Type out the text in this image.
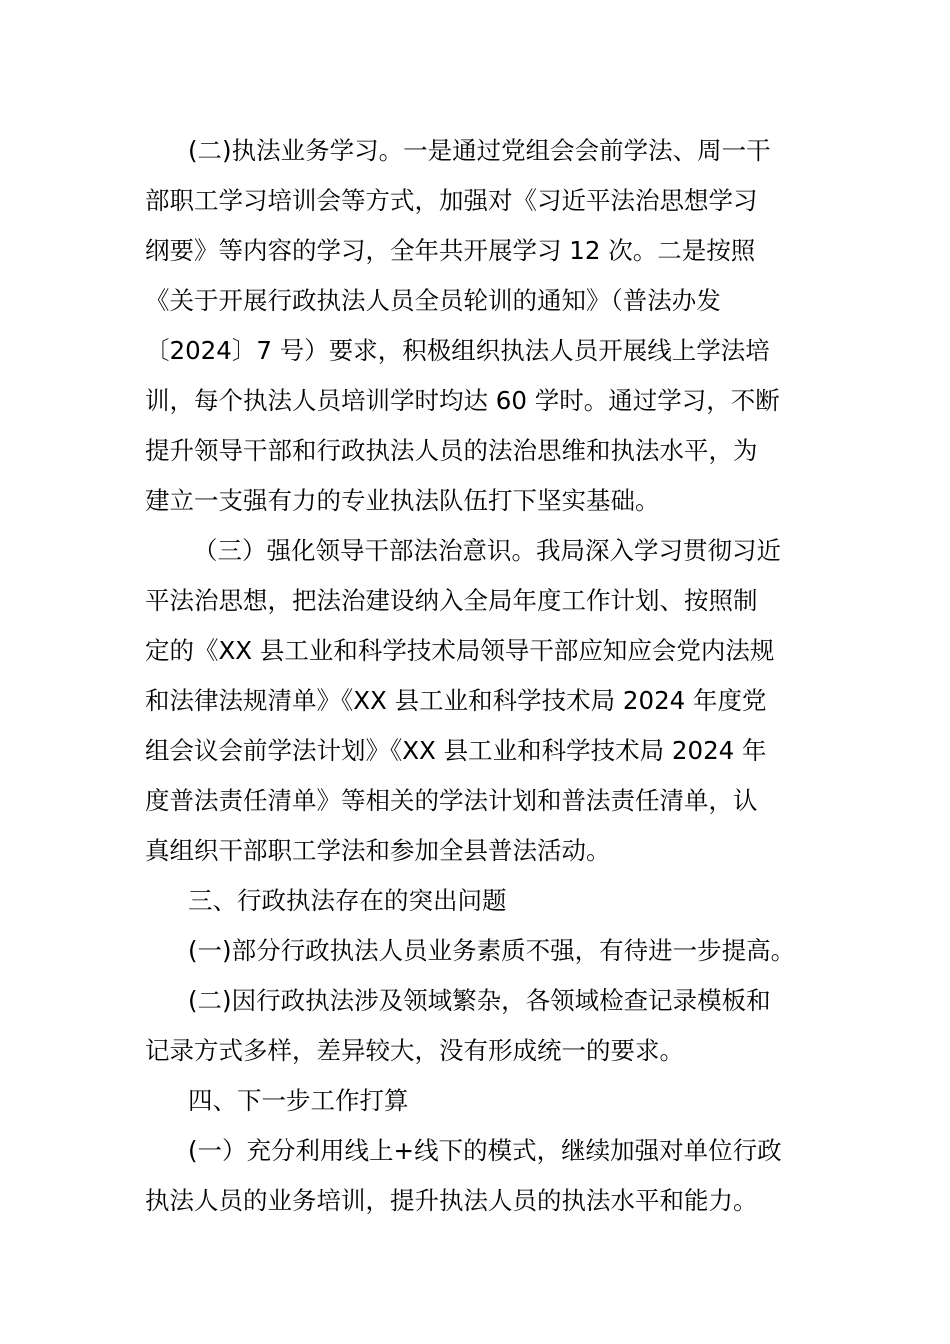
(二)执法业务学习。一是通过党组会会前学法、周一干
部职工学习培训会等方式，加强对《习近平法治思想学习
纲要》等内容的学习，全年共开展学习 12 次。二是按照
《关于开展行政执法人员全员轮训的通知》（普法办发
〔2024〕7 号）要求，积极组织执法人员开展线上学法培
训，每个执法人员培训学时均达 60 学时。通过学习，不断
提升领导干部和行政执法人员的法治思维和执法水平，为
建立一支强有力的专业执法队伍打下坚实基础。

（三）强化领导干部法治意识。我局深入学习贯彻习近
平法治思想，把法治建设纳入全局年度工作计划、按照制
定的《XX 县工业和科学技术局领导干部应知应会党内法规
和法律法规清单》《XX 县工业和科学技术局 2024 年度党
组会议会前学法计划》《XX 县工业和科学技术局 2024 年
度普法责任清单》等相关的学法计划和普法责任清单，认
真组织干部职工学法和参加全县普法活动。

三、行政执法存在的突出问题

(一)部分行政执法人员业务素质不强，有待进一步提高。

(二)因行政执法涉及领域繁杂，各领域检查记录模板和
记录方式多样，差异较大，没有形成统一的要求。

四、下一步工作打算

(一）充分利用线上+线下的模式，继续加强对单位行政
执法人员的业务培训，提升执法人员的执法水平和能力。
